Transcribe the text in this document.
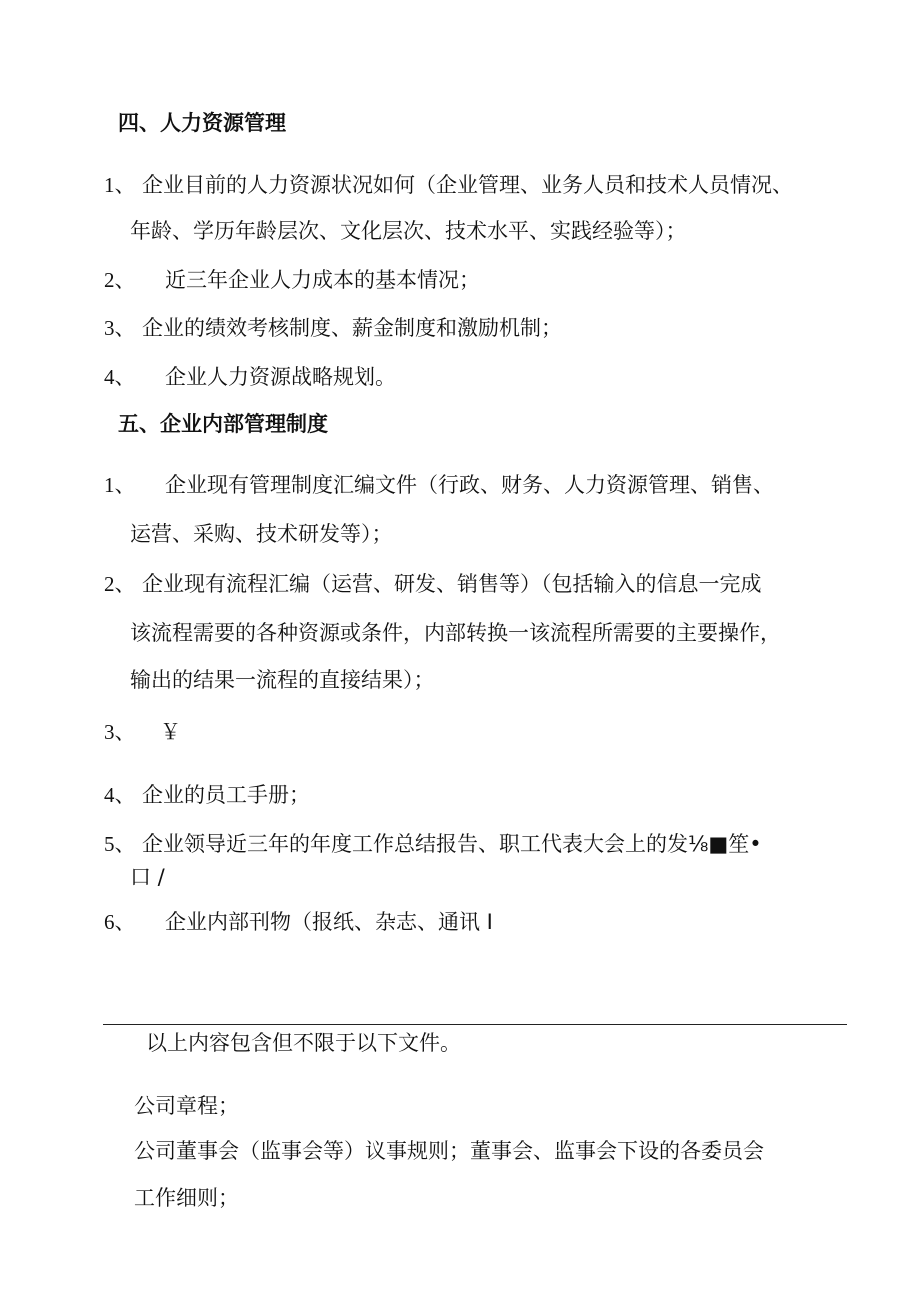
四、人力资源管理
1、 企业目前的人力资源状况如何（企业管理、业务人员和技术人员情况、
年龄、学历年龄层次、文化层次、技术水平、实践经验等）；
2、 近三年企业人力成本的基本情况；
3、 企业的绩效考核制度、薪金制度和激励机制；
4、 企业人力资源战略规划。
五、企业内部管理制度
1、 企业现有管理制度汇编文件（行政、财务、人力资源管理、销售、
运营、采购、技术研发等）；
2、 企业现有流程汇编（运营、研发、销售等）（包括输入的信息一完成
该流程需要的各种资源或条件，内部转换一该流程所需要的主要操作，
输出的结果一流程的直接结果）；
3、 ￥
4、 企业的员工手册；
5、 企业领导近三年的年度工作总结报告、职工代表大会上的发⅛■笙•
口 /
6、 企业内部刊物（报纸、杂志、通讯 I
以上内容包含但不限于以下文件。
公司章程；
公司董事会（监事会等）议事规则；董事会、监事会下设的各委员会
工作细则；
